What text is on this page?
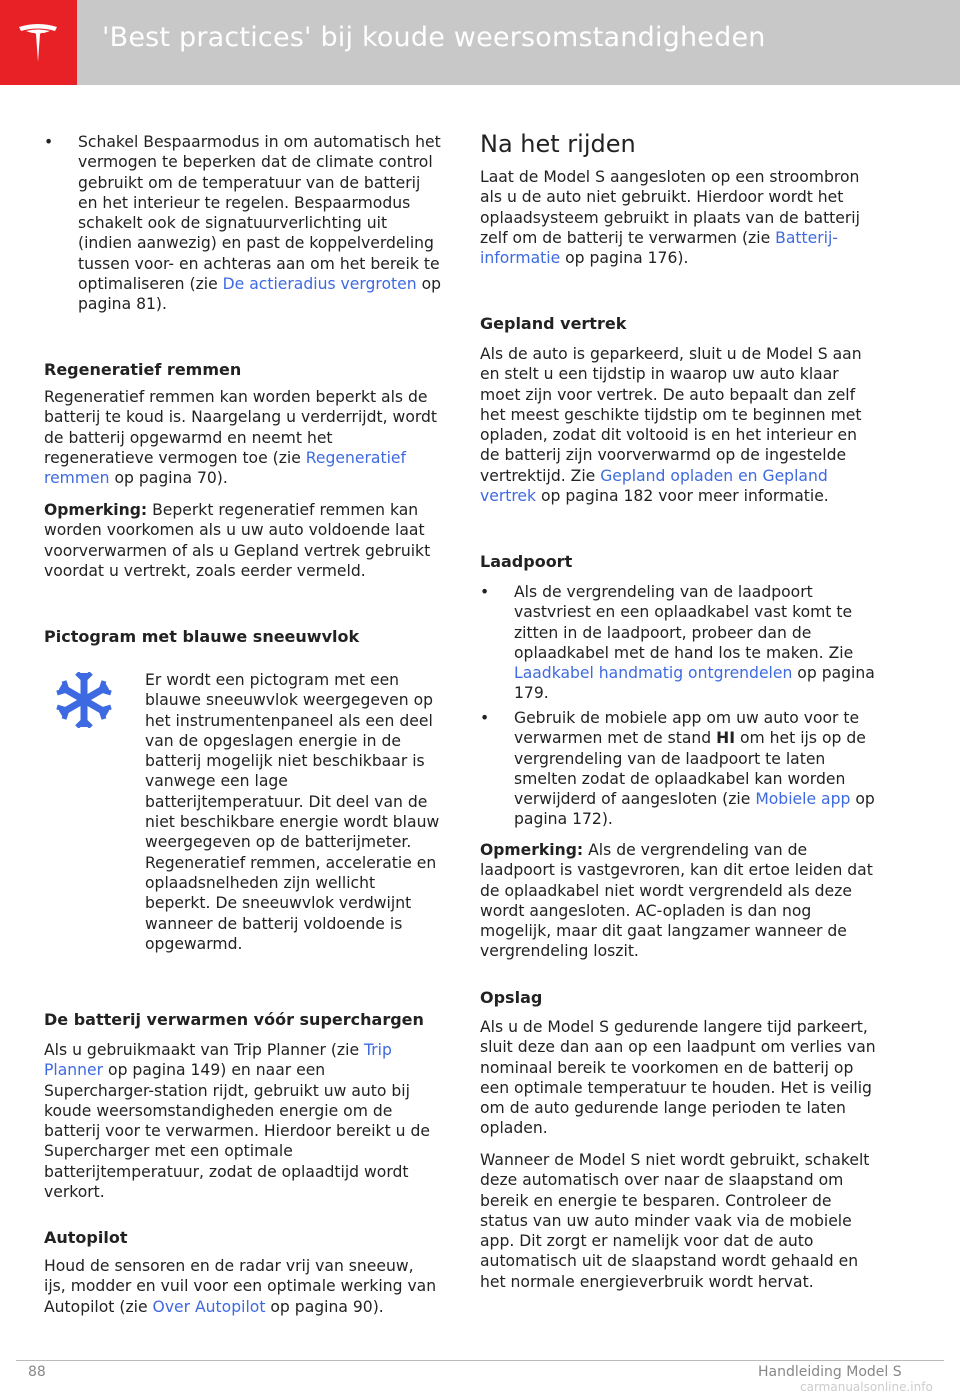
'Best practices' bij koude weersomstandigheden
• Schakel Bespaarmodus in om automatisch het vermogen te beperken dat de climate control gebruikt om de temperatuur van de batterij en het interieur te regelen. Bespaarmodus schakelt ook de signatuurverlichting uit (indien aanwezig) en past de koppelverdeling tussen voor- en achteras aan om het bereik te optimaliseren (zie De actieradius vergroten op pagina 81).

Regeneratief remmen

Regeneratief remmen kan worden beperkt als de batterij te koud is. Naargelang u verderrijdt, wordt de batterij opgewarmd en neemt het regeneratieve vermogen toe (zie Regeneratief remmen op pagina 70).

Opmerking: Beperkt regeneratief remmen kan worden voorkomen als u uw auto voldoende laat voorverwarmen of als u Gepland vertrek gebruikt voordat u vertrekt, zoals eerder vermeld.

Pictogram met blauwe sneeuwvlok

Er wordt een pictogram met een blauwe sneeuwvlok weergegeven op het instrumentenpaneel als een deel van de opgeslagen energie in de batterij mogelijk niet beschikbaar is vanwege een lage batterijtemperatuur. Dit deel van de niet beschikbare energie wordt blauw weergegeven op de batterijmeter. Regeneratief remmen, acceleratie en oplaadsnelheden zijn wellicht beperkt. De sneeuwvlok verdwijnt wanneer de batterij voldoende is opgewarmd.

De batterij verwarmen vóór superchargen

Als u gebruikmaakt van Trip Planner (zie Trip Planner op pagina 149) en naar een Supercharger-station rijdt, gebruikt uw auto bij koude weersomstandigheden energie om de batterij voor te verwarmen. Hierdoor bereikt u de Supercharger met een optimale batterijtemperatuur, zodat de oplaadtijd wordt verkort.

Autopilot

Houd de sensoren en de radar vrij van sneeuw, ijs, modder en vuil voor een optimale werking van Autopilot (zie Over Autopilot op pagina 90).

Na het rijden

Laat de Model S aangesloten op een stroombron als u de auto niet gebruikt. Hierdoor wordt het oplaadsysteem gebruikt in plaats van de batterij zelf om de batterij te verwarmen (zie Batterij-informatie op pagina 176).

Gepland vertrek

Als de auto is geparkeerd, sluit u de Model S aan en stelt u een tijdstip in waarop uw auto klaar moet zijn voor vertrek. De auto bepaalt dan zelf het meest geschikte tijdstip om te beginnen met opladen, zodat dit voltooid is en het interieur en de batterij zijn voorverwarmd op de ingestelde vertrektijd. Zie Gepland opladen en Gepland vertrek op pagina 182 voor meer informatie.

Laadpoort
• Als de vergrendeling van de laadpoort vastvriest en een oplaadkabel vast komt te zitten in de laadpoort, probeer dan de oplaadkabel met de hand los te maken. Zie Laadkabel handmatig ontgrendelen op pagina 179.

• Gebruik de mobiele app om uw auto voor te verwarmen met de stand HI om het ijs op de vergrendeling van de laadpoort te laten smelten zodat de oplaadkabel kan worden verwijderd of aangesloten (zie Mobiele app op pagina 172).

Opmerking: Als de vergrendeling van de laadpoort is vastgevroren, kan dit ertoe leiden dat de oplaadkabel niet wordt vergrendeld als deze wordt aangesloten. AC-opladen is dan nog mogelijk, maar dit gaat langzamer wanneer de vergrendeling loszit.

Opslag

Als u de Model S gedurende langere tijd parkeert, sluit deze dan aan op een laadpunt om verlies van nominaal bereik te voorkomen en de batterij op een optimale temperatuur te houden. Het is veilig om de auto gedurende lange perioden te laten opladen.

Wanneer de Model S niet wordt gebruikt, schakelt deze automatisch over naar de slaapstand om bereik en energie te besparen. Controleer de status van uw auto minder vaak via de mobiele app. Dit zorgt er namelijk voor dat de auto automatisch uit de slaapstand wordt gehaald en het normale energieverbruik wordt hervat.

88	Handleiding Model S
carmanualsonline.info
